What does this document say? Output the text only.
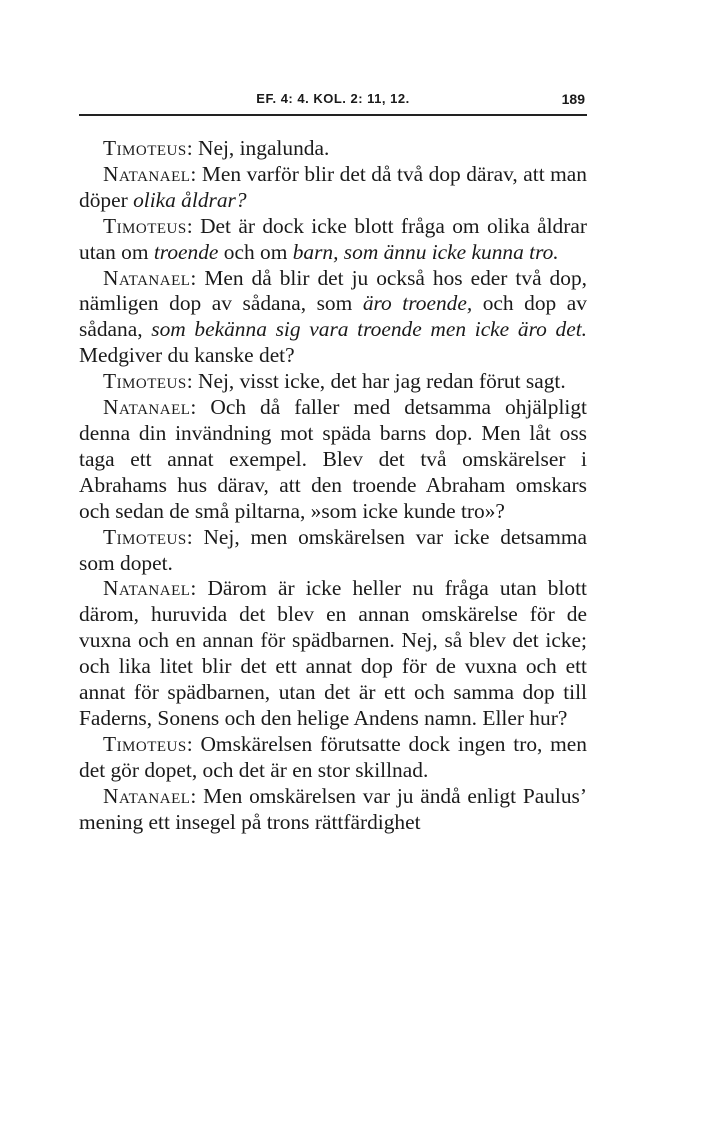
EF. 4: 4. KOL. 2: 11, 12.	189

Timoteus: Nej, ingalunda.

Natanael: Men varför blir det då två dop därav, att man döper olika åldrar?

Timoteus: Det är dock icke blott fråga om olika åldrar utan om troende och om barn, som ännu icke kunna tro.

Natanael: Men då blir det ju också hos eder två dop, nämligen dop av sådana, som äro troende, och dop av sådana, som bekänna sig vara troende men icke äro det. Medgiver du kanske det?

Timoteus: Nej, visst icke, det har jag redan förut sagt.

Natanael: Och då faller med detsamma ohjälpligt denna din invändning mot späda barns dop. Men låt oss taga ett annat exempel. Blev det två omskärelser i Abrahams hus därav, att den troende Abraham omskars och sedan de små piltarna, »som icke kunde tro»?

Timoteus: Nej, men omskärelsen var icke detsamma som dopet.

Natanael: Därom är icke heller nu fråga utan blott därom, huruvida det blev en annan omskärelse för de vuxna och en annan för spädbarnen. Nej, så blev det icke; och lika litet blir det ett annat dop för de vuxna och ett annat för spädbarnen, utan det är ett och samma dop till Faderns, Sonens och den helige Andens namn. Eller hur?

Timoteus: Omskärelsen förutsatte dock ingen tro, men det gör dopet, och det är en stor skillnad.

Natanael: Men omskärelsen var ju ändå enligt Paulus’ mening ett insegel på trons rättfärdighet
